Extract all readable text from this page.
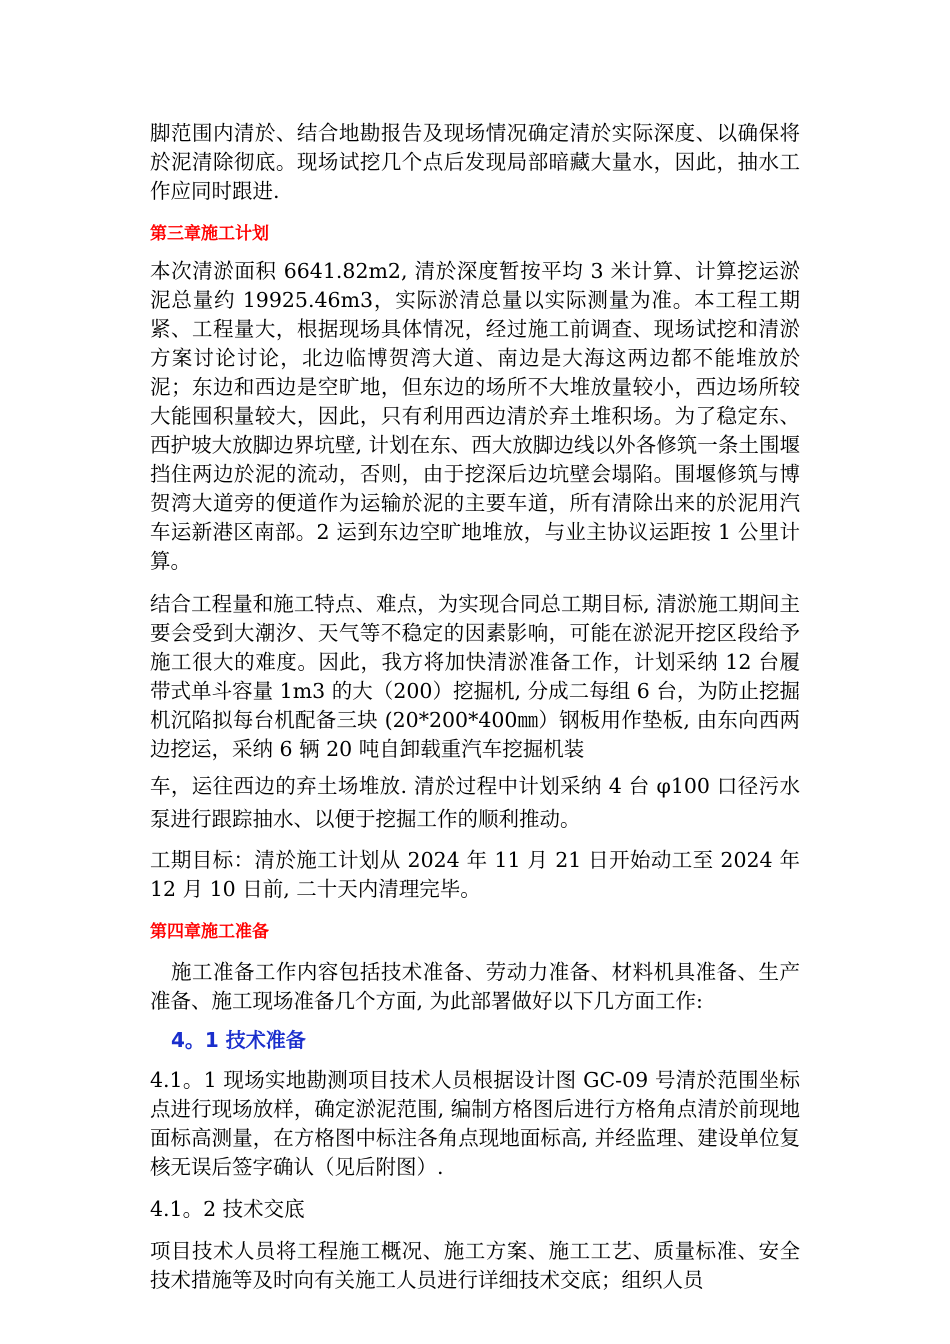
脚范围内清於、结合地勘报告及现场情况确定清於实际深度、以确保将於泥清除彻底。现场试挖几个点后发现局部暗藏大量水，因此，抽水工作应同时跟进.

第三章施工计划

本次清淤面积 6641.82m2, 清於深度暂按平均 3 米计算、计算挖运淤泥总量约 19925.46m3，实际淤清总量以实际测量为准。本工程工期紧、工程量大，根据现场具体情况，经过施工前调查、现场试挖和清淤方案讨论讨论，北边临博贺湾大道、南边是大海这两边都不能堆放於泥；东边和西边是空旷地，但东边的场所不大堆放量较小，西边场所较大能囤积量较大，因此，只有利用西边清於弃土堆积场。为了稳定东、西护坡大放脚边界坑壁, 计划在东、西大放脚边线以外各修筑一条土围堰挡住两边於泥的流动，否则，由于挖深后边坑壁会塌陷。围堰修筑与博贺湾大道旁的便道作为运输於泥的主要车道，所有清除出来的於泥用汽车运新港区南部。2 运到东边空旷地堆放，与业主协议运距按 1 公里计算。

结合工程量和施工特点、难点，为实现合同总工期目标, 清淤施工期间主要会受到大潮汐、天气等不稳定的因素影响，可能在淤泥开挖区段给予施工很大的难度。因此，我方将加快清淤准备工作，计划采纳 12 台履带式单斗容量 1m3 的大（200）挖掘机, 分成二每组 6 台，为防止挖掘机沉陷拟每台机配备三块 (20*200*400㎜）钢板用作垫板, 由东向西两边挖运，采纳 6 辆 20 吨自卸载重汽车挖掘机装

车，运往西边的弃土场堆放. 清於过程中计划采纳 4 台 φ100 口径污水泵进行跟踪抽水、以便于挖掘工作的顺利推动。

工期目标：清於施工计划从 2024 年 11 月 21 日开始动工至 2024 年 12 月 10 日前, 二十天内清理完毕。

第四章施工准备

施工准备工作内容包括技术准备、劳动力准备、材料机具准备、生产准备、施工现场准备几个方面, 为此部署做好以下几方面工作:

4。1 技术准备

4.1。1 现场实地勘测项目技术人员根据设计图 GC-09 号清於范围坐标点进行现场放样，确定淤泥范围, 编制方格图后进行方格角点清於前现地面标高测量，在方格图中标注各角点现地面标高, 并经监理、建设单位复核无误后签字确认（见后附图）.

4.1。2 技术交底

项目技术人员将工程施工概况、施工方案、施工工艺、质量标准、安全技术措施等及时向有关施工人员进行详细技术交底；组织人员
